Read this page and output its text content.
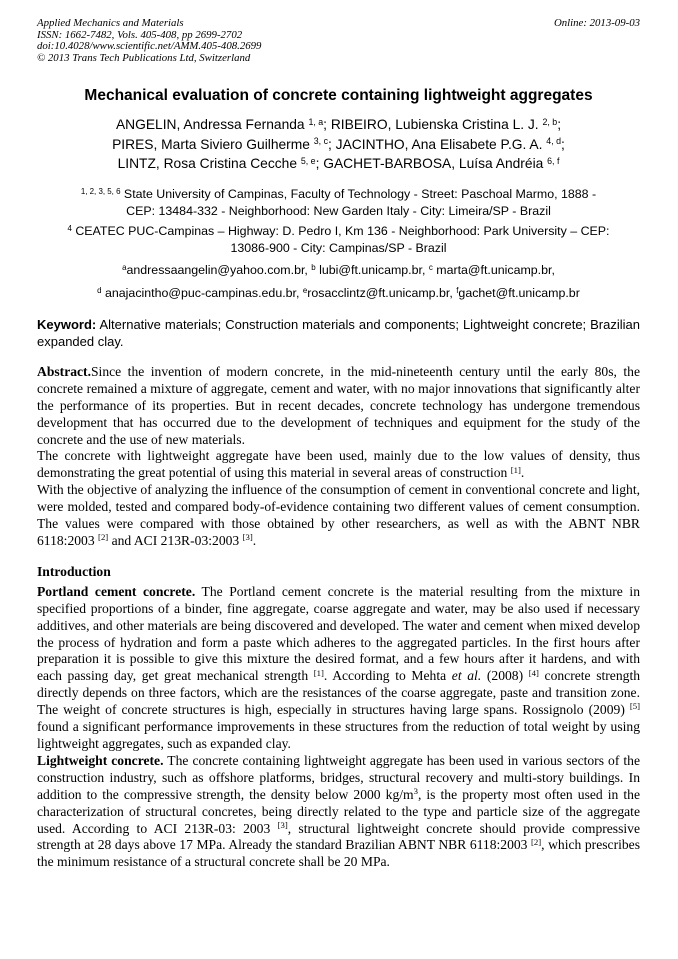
Applied Mechanics and Materials
ISSN: 1662-7482, Vols. 405-408, pp 2699-2702
doi:10.4028/www.scientific.net/AMM.405-408.2699
© 2013 Trans Tech Publications Ltd, Switzerland
Online: 2013-09-03
Mechanical evaluation of concrete containing lightweight aggregates
ANGELIN, Andressa Fernanda $^{1, a}$; RIBEIRO, Lubienska Cristina L. J. $^{2, b}$;
PIRES, Marta Siviero Guilherme $^{3, c}$; JACINTHO, Ana Elisabete P.G. A. $^{4, d}$;
LINTZ, Rosa Cristina Cecche $^{5, e}$; GACHET-BARBOSA, Luísa Andréia $^{6, f}$
$^{1, 2, 3, 5, 6}$ State University of Campinas, Faculty of Technology - Street: Paschoal Marmo, 1888 - CEP: 13484-332 - Neighborhood: New Garden Italy - City: Limeira/SP - Brazil
$^4$ CEATEC PUC-Campinas – Highway: D. Pedro I, Km 136 - Neighborhood: Park University – CEP: 13086-900 - City: Campinas/SP - Brazil
$^a$andressaangelin@yahoo.com.br, $^b$ lubi@ft.unicamp.br, $^c$ marta@ft.unicamp.br,
$^d$ anajacintho@puc-campinas.edu.br, $^e$rosacclintz@ft.unicamp.br, $^f$gachet@ft.unicamp.br
Keyword: Alternative materials; Construction materials and components; Lightweight concrete; Brazilian expanded clay.

Abstract.Since the invention of modern concrete, in the mid-nineteenth century until the early 80s, the concrete remained a mixture of aggregate, cement and water, with no major innovations that significantly alter the performance of its properties. But in recent decades, concrete technology has undergone tremendous development that has occurred due to the development of techniques and equipment for the study of the concrete and the use of new materials.

The concrete with lightweight aggregate have been used, mainly due to the low values of density, thus demonstrating the great potential of using this material in several areas of construction [1].

With the objective of analyzing the influence of the consumption of cement in conventional concrete and light, were molded, tested and compared body-of-evidence containing two different values of cement consumption. The values were compared with those obtained by other researchers, as well as with the ABNT NBR 6118:2003 [2] and ACI 213R-03:2003 [3].

Introduction

Portland cement concrete. The Portland cement concrete is the material resulting from the mixture in specified proportions of a binder, fine aggregate, coarse aggregate and water, may be also used if necessary additives, and other materials are being discovered and developed. The water and cement when mixed develop the process of hydration and form a paste which adheres to the aggregated particles. In the first hours after preparation it is possible to give this mixture the desired format, and a few hours after it hardens, and with each passing day, get great mechanical strength [1]. According to Mehta et al. (2008) [4] concrete strength directly depends on three factors, which are the resistances of the coarse aggregate, paste and transition zone. The weight of concrete structures is high, especially in structures having large spans. Rossignolo (2009) [5] found a significant performance improvements in these structures from the reduction of total weight by using lightweight aggregates, such as expanded clay.

Lightweight concrete. The concrete containing lightweight aggregate has been used in various sectors of the construction industry, such as offshore platforms, bridges, structural recovery and multi-story buildings. In addition to the compressive strength, the density below 2000 $kg/m^3$, is the property most often used in the characterization of structural concretes, being directly related to the type and particle size of the aggregate used. According to ACI 213R-03: 2003 [3], structural lightweight concrete should provide compressive strength at 28 days above 17 MPa. Already the standard Brazilian ABNT NBR 6118:2003 [2], which prescribes the minimum resistance of a structural concrete shall be 20 MPa.
